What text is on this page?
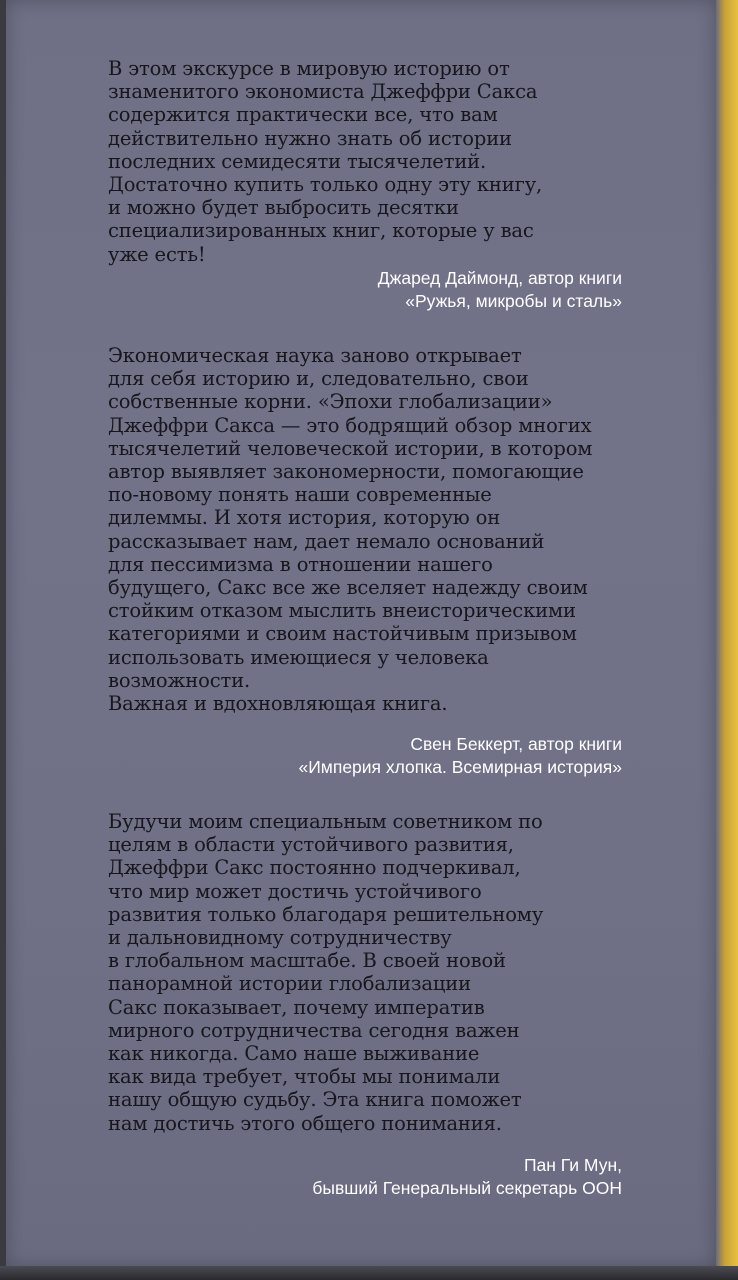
В этом экскурсе в мировую историю от
знаменитого экономиста Джеффри Сакса
содержится практически все, что вам
действительно нужно знать об истории
последних семидесяти тысячелетий.
Достаточно купить только одну эту книгу,
и можно будет выбросить десятки
специализированных книг, которые у вас
уже есть!
Джаред Даймонд, автор книги
«Ружья, микробы и сталь»
Экономическая наука заново открывает
для себя историю и, следовательно, свои
собственные корни. «Эпохи глобализации»
Джеффри Сакса — это бодрящий обзор многих
тысячелетий человеческой истории, в котором
автор выявляет закономерности, помогающие
по-новому понять наши современные
дилеммы. И хотя история, которую он
рассказывает нам, дает немало оснований
для пессимизма в отношении нашего
будущего, Сакс все же вселяет надежду своим
стойким отказом мыслить внеисторическими
категориями и своим настойчивым призывом
использовать имеющиеся у человека
возможности.
Важная и вдохновляющая книга.
Свен Беккерт, автор книги
«Империя хлопка. Всемирная история»
Будучи моим специальным советником по
целям в области устойчивого развития,
Джеффри Сакс постоянно подчеркивал,
что мир может достичь устойчивого
развития только благодаря решительному
и дальновидному сотрудничеству
в глобальном масштабе. В своей новой
панорамной истории глобализации
Сакс показывает, почему императив
мирного сотрудничества сегодня важен
как никогда. Само наше выживание
как вида требует, чтобы мы понимали
нашу общую судьбу. Эта книга поможет
нам достичь этого общего понимания.
Пан Ги Мун,
бывший Генеральный секретарь ООН
